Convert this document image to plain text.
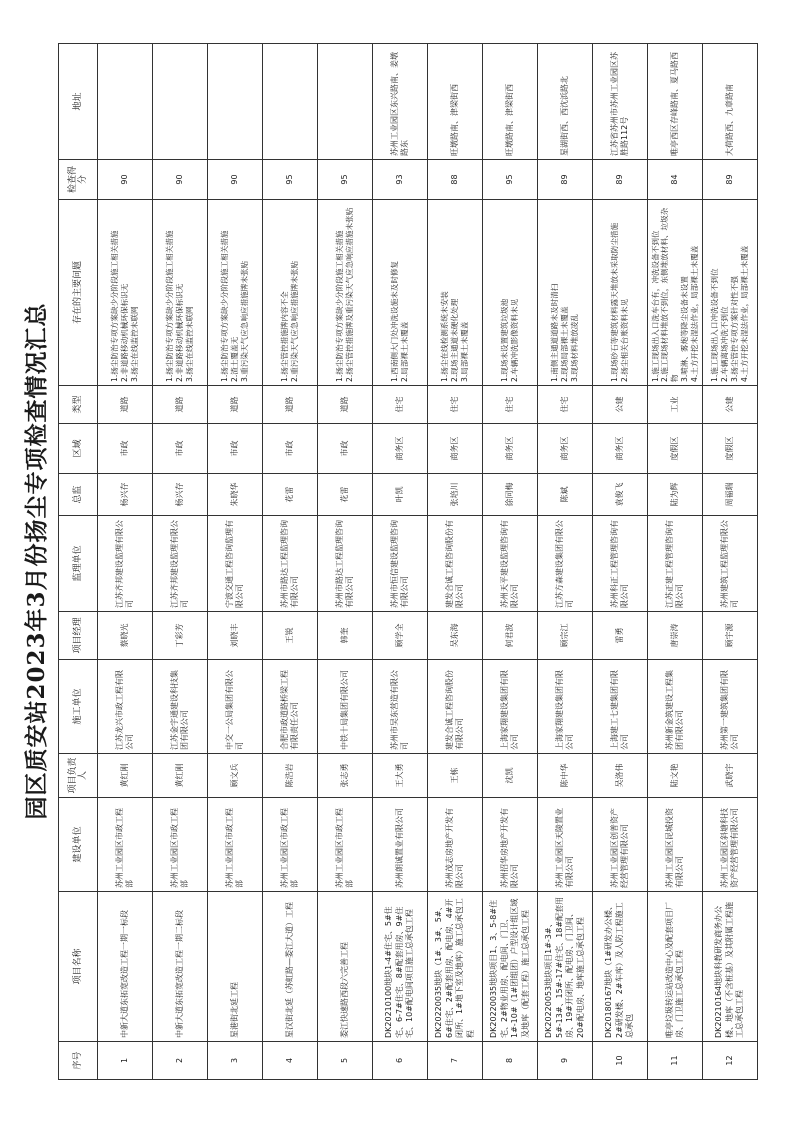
园区质安站2023年3月份扬尘专项检查情况汇总
序号	项目名称	建设单位	项目负责人	施工单位	项目经理	监理单位	总监	区域	类型	存在的主要问题	检查得分	地址
1	中新大道东拓宽改造工程一期一标段	苏州工业园区市政工程部	黄红刚	江苏龙兴市政工程有限公司	蔡晓光	江苏齐邦建设监理有限公司	杨兴存	市政	道路	1.扬尘防治专项方案缺少分阶段施工相关措施 2.非道路移动机械环保标识无 3.扬尘在线监控未联网	90	
2	中新大道东拓宽改造工程一期二标段	苏州工业园区市政工程部	黄红刚	江苏金宇通建设科技集团有限公司	丁彩芳	江苏齐邦建设监理有限公司	杨兴存	市政	道路	1.扬尘防治专项方案缺少分阶段施工相关措施 2.非道路移动机械环保标识无 3.扬尘在线监控未联网	90	
3	星港街北延工程	苏州工业园区市政工程部	顾文兵	中交一公局集团有限公司	刘晓丰	宁波交通工程咨询监理有限公司	朱晓华	市政	道路	1.扬尘防治专项方案缺少分阶段施工相关措施 2.渣土覆盖无 3.重污染天气应急响应措施牌未张贴	90	
4	星汉街北延（苏虹路—娄江大道）工程	苏州工业园区市政工程部	陈浩岩	合肥市政道路桥梁工程有限责任公司	王锐	苏州市路达工程监理咨询有限公司	花雷	市政	道路	1.扬尘管控措施牌内容不全 2.重污染天气应急响应措施牌未张贴	95	
5	娄江快速路西段六完善工程	苏州工业园区市政工程部	张志勇	中铁十局集团有限公司	韩奎	苏州市路达工程监理咨询有限公司	花雷	市政	道路	1.扬尘防治专项方案缺少分阶段施工相关措施 2.扬尘管控措施牌及重污染天气应急响应措施未张贴	95	
6	DK20210100地块1-4#住宅、5#住宅、6-7#住宅、8#配套用房、9#住宅、10#配电间项目施工总承包工程	苏州朗诚置业有限公司	王大勇	苏州市吴东营造有限公司	顾学全	苏州市恒信建设监理咨询有限公司	叶凯	商务区	住宅	1.西南侧大门处冲洗设施未及时修复 2.局部裸土未覆盖	93	苏州工业园区东兴路南、姜墩路东
7	DK20220035地块（1#、3#、5#、6#住宅、2#配套用房、配电房、4#开闭所、1#地下室及地库）施工总承包工程	苏州茂志房地产开发有限公司	王栋	建发合诚工程咨询股份有限公司	吴东海	建发合诚工程咨询股份有限公司	张培川	商务区	住宅	1.扬尘在线检测系统未安装 2.现场主通道未硬化处理 3.局部裸土未覆盖	88	旺墩路南、津梁街西
8	DK20220035地块项目1、3、5-8#住宅、2#物业用房、配电间、门卫、1#-10#（1#团组团）户型设计组区域及地库（配套工程）施工总承包工程	苏州招华房地产开发有限公司	沈凯	上海家翔建设集团有限公司	何君波	苏州天平建设监理咨询有限公司	徐同梅	商务区	住宅	1.现场未设置建筑垃圾池 2.车辆冲洗影像资料未见	95	旺墩路南、津梁街西
9	DK20220053地块项目1#-3#、5#-13#、15#-17#住宅、18#配套用房、19#开闭所、配电房、门卫间、20#配电房、地库施工总承包工程	苏州工业园区天陵置业有限公司	陈中华	上海家翔建设集团有限公司	顾宗江	江苏方森建设集团有限公司	陈斌	商务区	住宅	1.南侧主通道道路未及时清扫 2.现场局部裸土未覆盖 3.现场材料堆放凌乱	89	星湖街西、西沈浜路北
10	DK20180167地块（1#研发办公楼、2#研发楼、2#车库）及人防工程施工总承包	苏州工业园区创普资产经营管理有限公司	吴洛伟	上海建工七建集团有限公司	雷勇	苏州科正工程管理咨询有限公司	袁俊飞	商务区	公建	1.现场砂石等建筑材料露天堆放未采取防尘措施 2.扬尘相关台账资料未见	89	江苏省苏州市苏州工业园区苏胜路112号
11	唯亭垃圾转运站改造中心及配套项目厂房、门卫施工总承包工程	苏州工业园区昆城投资有限公司	陆文艳	苏州新金筑建设工程集团有限公司	唐崇涛	江苏正建工程管理咨询有限公司	陆为辉	度假区	工业	1.施工现场出入口洗车台有，冲洗设备不到位 2.施工现场材料堆放不到位，东侧堆放材料、垃圾杂物 3.喷淋、雾炮等降尘设备未设置 4.土方开挖未湿法作业，局部裸土未覆盖	84	唯亭西区存峰路南、夏马路西
12	DK20210164地块科教研发商务办公楼、地库（不含桩基）及其附属工程施工总承包工程	苏州工业园区斜塘科技资产经营管理有限公司	武晓宇	苏州第一建筑集团有限公司	顾宇源	苏州建筑工程监理有限公司	周福瑞	度假区	公建	1.施工现场出入口冲洗设备不到位 2.车辆离场冲洗不到位 3.扬尘管控专项方案针对性不强 4.土方开挖未湿法作业，局部裸土未覆盖	89	大荷路西、九章路南
